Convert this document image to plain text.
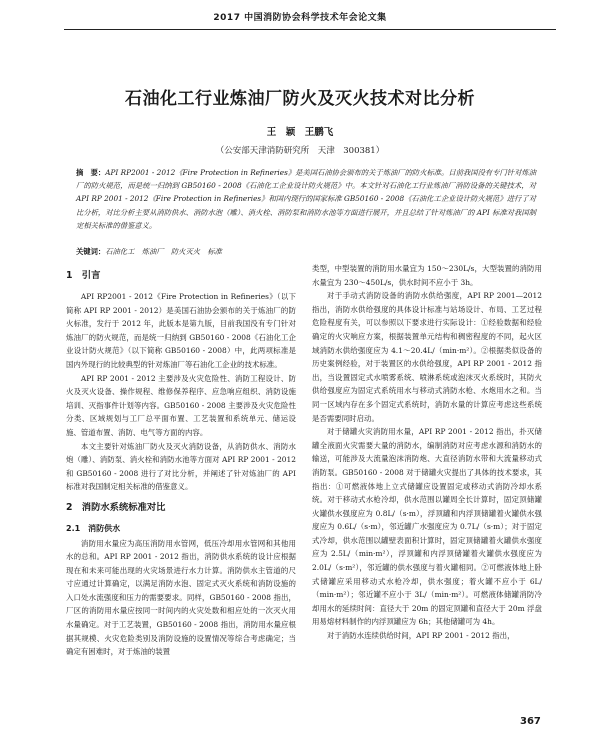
2017 中国消防协会科学技术年会论文集
石油化工行业炼油厂防火及灭火技术对比分析
王　颖　王鹏飞
（公安部天津消防研究所　天津　300381）
摘　要：API RP2001 - 2012《Fire Protection in Refineries》是美国石油协会颁布的关于炼油厂的防火标准。目前我国没有专门针对炼油厂的防火规范，而是统一归纳到 GB50160 - 2008《石油化工企业设计防火规范》中。本文针对石油化工行业炼油厂消防设备的关键技术，对 API RP 2001 - 2012《Fire Protection in Refineries》和国内现行的国家标准 GB50160 - 2008《石油化工企业设计防火规范》进行了对比分析，对比分析主要从消防供水、消防水泡（雕）、消火栓、消防泵和消防水池等方面进行展开，并且总结了针对炼油厂的 API 标准对我国制定相关标准的借鉴意义。
关键词：石油化工　炼油厂　防火灭火　标准

1　引言

API RP2001 - 2012《Fire Protection in Refineries》（以下简称 API RP 2001 - 2012）是美国石油协会颁布的关于炼油厂的防火标准，发行于 2012 年，此版本是第九版，目前我国没有专门针对炼油厂的防火规范，而是统一归纳到 GB50160 - 2008《石油化工企业设计防火规范》（以下简称 GB50160 - 2008）中，此两项标准是国内外现行的比较典型的针对炼油厂等石油化工企业的技术标准。

API RP 2001 - 2012 主要涉及火灾危险性、消防工程设计、防火及灭火设备、操作规程、维修保养程序、应急响应组织、消防设施培训、灭指事件计划等内容。GB50160 - 2008 主要涉及火灾危险性分类、区域规划与工厂总平面布置、工艺装置和系统单元、储运设施、管道布置、消防、电气等方面的内容。

本文主要针对炼油厂防火及灭火消防设备，从消防供水、消防水炮（雕）、消防泵、消火栓和消防水池等方面对 API RP 2001 - 2012 和 GB50160 - 2008 进行了对比分析，并阐述了针对炼油厂的 API 标准对我国制定相关标准的借鉴意义。

2　消防水系统标准对比

2.1　消防供水

消防用水量应为高压消防用水管网，低压冷却用水管网和其他用水的总和。API RP 2001 - 2012 指出，消防供水系统的设计应根据现在和未来可能出现的火灾场景进行水力计算。消防供水主管道的尺寸应通过计算确定，以满足消防水泡、固定式灭火系统和消防设施的入口处水流强度和压力的需要要求。同样，GB50160 - 2008 指出，厂区的消防用水量应按同一时间内的火灾处数和相应处的一次灭火用水量确定。对于工艺装置，GB50160 - 2008 指出，消防用水量应根据其规模、火灾危险类别及消防设施的设置情况等综合考虑确定；当确定有困难时，对于炼油的装置

类型，中型装置的消防用水量宜为 150～230L/s，大型装置的消防用水量宜为 230～450L/s，供水时间不应小于 3h。

对于手动式消防设备的消防水供给强度，API RP 2001—2012 指出，消防水供给强度的具体设计标准与站场设计、布局、工艺过程危险程度有关，可以参照以下要求进行实际设计：①经验数据和经验确定的火灾响应方案，根据装置单元结构和稠密程度的不同，起火区域消防水供给强度应为 4.1～20.4L/（min·m²）。②根据类似设备的历史案例经验，对于装置区的水供给强度，API RP 2001 - 2012 指出，当设置固定式水喷雾系统、喷淋系统或泡沫灭火系统时，其防火供给强度应为固定式系统用水与移动式消防水枪、水炮用水之和。当同一区域内存在多个固定式系统时，消防水量的计算应考虑这些系统是否需要同时启动。

对于储罐火灾消防用水量，API RP 2001 - 2012 指出，扑灭储罐全液面火灾需要大量的消防水，编制消防对应考虑水源和消防水的输送，可能涉及大流量泡沫消防炮、大直径消防水带和大流量移动式消防泵。GB50160 - 2008 对于储罐火灾提出了具体的技术要求，其指出：①可燃液体地上立式储罐应设置固定或移动式消防冷却水系统。对于移动式水枪冷却，供水范围以罐周全长计算时，固定顶储罐火罐供水强度应为 0.8L/（s·m），浮顶罐和内浮顶储罐着火罐供水强度应为 0.6L/（s·m），邻近罐广水强度应为 0.7L/（s·m）；对于固定式冷却，供水范围以罐壁表面积计算时，固定顶储罐着火罐供水强度应为 2.5L/（min·m²），浮顶罐和内浮顶储罐着火罐供水强度应为 2.0L/（s·m²），邻近罐的供水强度与着火罐相同。②可燃液体地上卧式储罐应采用移动式水枪冷却，供水强度；着火罐不应小于 6L/（min·m²）；邻近罐不应小于 3L/（min·m²）。可燃液体储罐消防冷却用水的延续时间：直径大于 20m 的固定顶罐和直径大于 20m 浮盘用易熔材料制作的内浮顶罐应为 6h；其他储罐可为 4h。

对于消防水连续供给时间，API RP 2001 - 2012 指出，

367
